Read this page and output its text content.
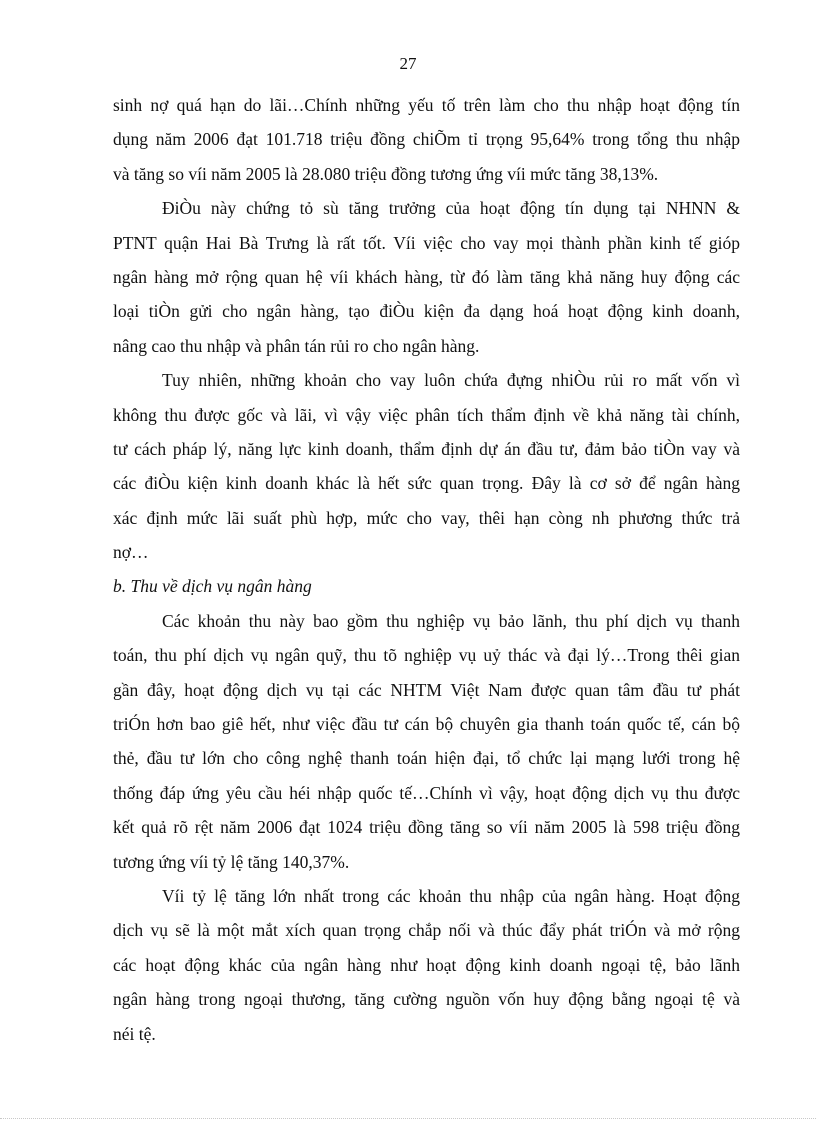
27
sinh nợ quá hạn do lãi…Chính những yếu tố trên làm cho thu nhập hoạt động tín
dụng năm 2006 đạt 101.718 triệu đồng chiÕm tỉ trọng 95,64% trong tổng thu nhập
và tăng so víi năm 2005 là 28.080 triệu đồng tương ứng víi mức tăng 38,13%.
ĐiÒu này chứng tỏ sù tăng trưởng của hoạt động tín dụng tại NHNN &
PTNT quận Hai Bà Trưng là rất tốt. Víi việc cho vay mọi thành phần kinh tế gióp
ngân hàng mở rộng quan hệ víi khách hàng, từ đó làm tăng khả năng huy động các
loại tiÒn gửi cho ngân hàng, tạo điÒu kiện đa dạng hoá hoạt động kinh doanh,
nâng cao thu nhập và phân tán rủi ro cho ngân hàng.
Tuy nhiên, những khoản cho vay luôn chứa đựng nhiÒu rủi ro mất vốn vì
không thu được gốc và lãi, vì vậy việc phân tích thẩm định về khả năng tài chính,
tư cách pháp lý, năng lực kinh doanh, thẩm định dự án đầu tư, đảm bảo tiÒn vay và
các điÒu kiện kinh doanh khác là hết sức quan trọng. Đây là cơ sở để ngân hàng
xác định mức lãi suất phù hợp, mức cho vay, thêi hạn còng nh phương thức trả
nợ…
b. Thu về dịch vụ ngân hàng
Các khoản thu này bao gồm thu nghiệp vụ bảo lãnh, thu phí dịch vụ thanh
toán, thu phí dịch vụ ngân quỹ, thu tõ nghiệp vụ uỷ thác và đại lý…Trong thêi gian
gần đây, hoạt động dịch vụ tại các NHTM Việt Nam được quan tâm đầu tư phát
triÓn hơn bao giê hết, như việc đầu tư cán bộ chuyên gia thanh toán quốc tế, cán bộ
thẻ, đầu tư lớn cho công nghệ thanh toán hiện đại, tổ chức lại mạng lưới trong hệ
thống đáp ứng yêu cầu héi nhập quốc tế…Chính vì vậy, hoạt động dịch vụ thu được
kết quả rõ rệt năm 2006 đạt 1024 triệu đồng tăng so víi năm 2005 là 598 triệu đồng
tương ứng víi tỷ lệ tăng 140,37%.
Víi tỷ lệ tăng lớn nhất trong các khoản thu nhập của ngân hàng. Hoạt động
dịch vụ sẽ là một mắt xích quan trọng chắp nối và thúc đẩy phát triÓn và mở rộng
các hoạt động khác của ngân hàng như hoạt động kinh doanh ngoại tệ, bảo lãnh
ngân hàng trong ngoại thương, tăng cường nguồn vốn huy động bằng ngoại tệ và
néi tệ.
